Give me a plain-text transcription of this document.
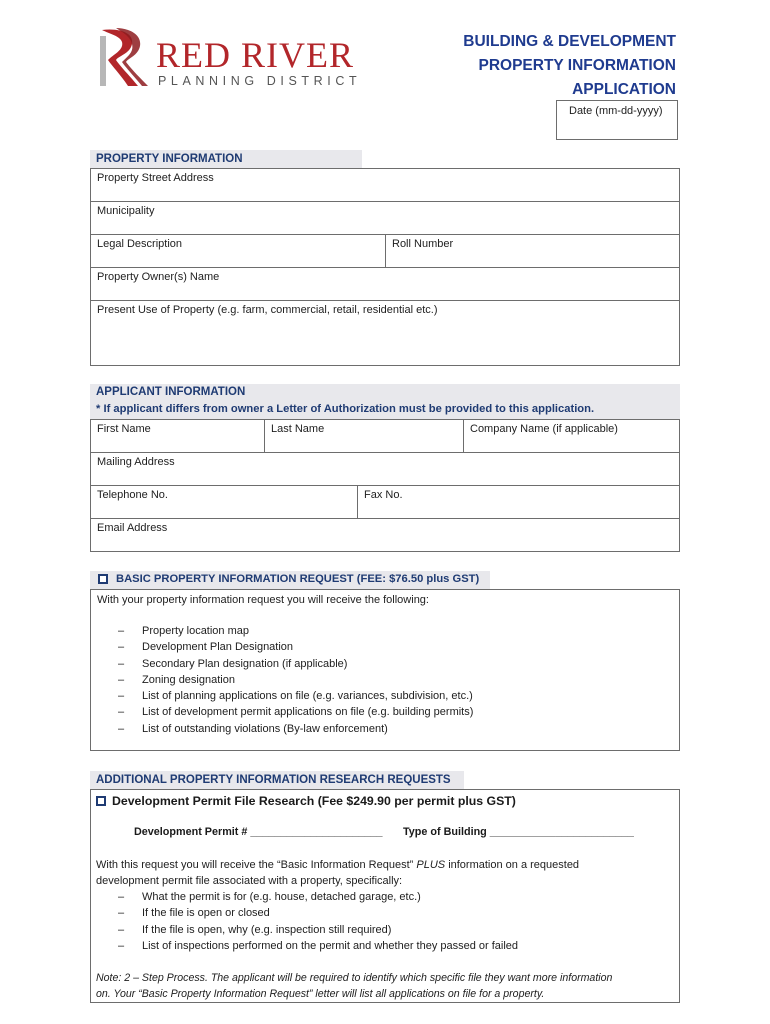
RED RIVER
PLANNING DISTRICT
BUILDING & DEVELOPMENT
PROPERTY INFORMATION
APPLICATION
Date (mm-dd-yyyy)
PROPERTY INFORMATION
Property Street Address
Municipality
Legal Description	Roll Number
Property Owner(s) Name
Present Use of Property (e.g. farm, commercial, retail, residential etc.)
APPLICANT INFORMATION
* If applicant differs from owner a Letter of Authorization must be provided to this application.
First Name	Last Name	Company Name (if applicable)
Mailing Address
Telephone No.	Fax No.
Email Address
BASIC PROPERTY INFORMATION REQUEST (FEE: $76.50 plus GST)
With your property information request you will receive the following:
– Property location map
– Development Plan Designation
– Secondary Plan designation (if applicable)
– Zoning designation
– List of planning applications on file (e.g. variances, subdivision, etc.)
– List of development permit applications on file (e.g. building permits)
– List of outstanding violations (By-law enforcement)
ADDITIONAL PROPERTY INFORMATION RESEARCH REQUESTS
Development Permit File Research (Fee $249.90 per permit plus GST)
Development Permit # ______________________ Type of Building ________________________
With this request you will receive the “Basic Information Request” PLUS information on a requested
development permit file associated with a property, specifically:
– What the permit is for (e.g. house, detached garage, etc.)
– If the file is open or closed
– If the file is open, why (e.g. inspection still required)
– List of inspections performed on the permit and whether they passed or failed
Note: 2 – Step Process. The applicant will be required to identify which specific file they want more information
on. Your “Basic Property Information Request” letter will list all applications on file for a property.
